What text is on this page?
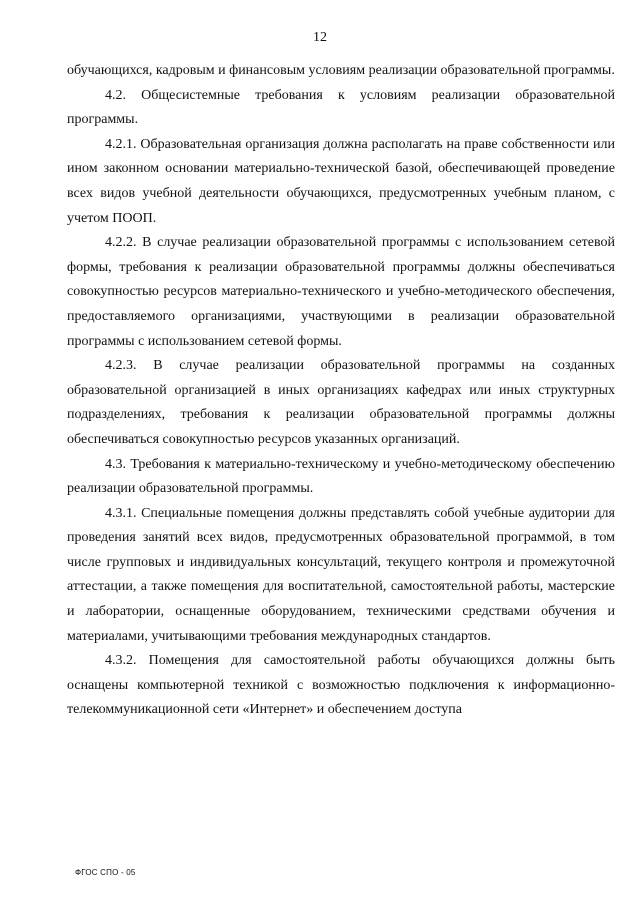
12

обучающихся, кадровым и финансовым условиям реализации образовательной программы.

4.2. Общесистемные требования к условиям реализации образовательной программы.

4.2.1. Образовательная организация должна располагать на праве собственности или ином законном основании материально-технической базой, обеспечивающей проведение всех видов учебной деятельности обучающихся, предусмотренных учебным планом, с учетом ПООП.

4.2.2. В случае реализации образовательной программы с использованием сетевой формы, требования к реализации образовательной программы должны обеспечиваться совокупностью ресурсов материально-технического и учебно-методического обеспечения, предоставляемого организациями, участвующими в реализации образовательной программы с использованием сетевой формы.

4.2.3. В случае реализации образовательной программы на созданных образовательной организацией в иных организациях кафедрах или иных структурных подразделениях, требования к реализации образовательной программы должны обеспечиваться совокупностью ресурсов указанных организаций.

4.3. Требования к материально-техническому и учебно-методическому обеспечению реализации образовательной программы.

4.3.1. Специальные помещения должны представлять собой учебные аудитории для проведения занятий всех видов, предусмотренных образовательной программой, в том числе групповых и индивидуальных консультаций, текущего контроля и промежуточной аттестации, а также помещения для воспитательной, самостоятельной работы, мастерские и лаборатории, оснащенные оборудованием, техническими средствами обучения и материалами, учитывающими требования международных стандартов.

4.3.2. Помещения для самостоятельной работы обучающихся должны быть оснащены компьютерной техникой с возможностью подключения к информационно-телекоммуникационной сети «Интернет» и обеспечением доступа

ФГОС СПО - 05
